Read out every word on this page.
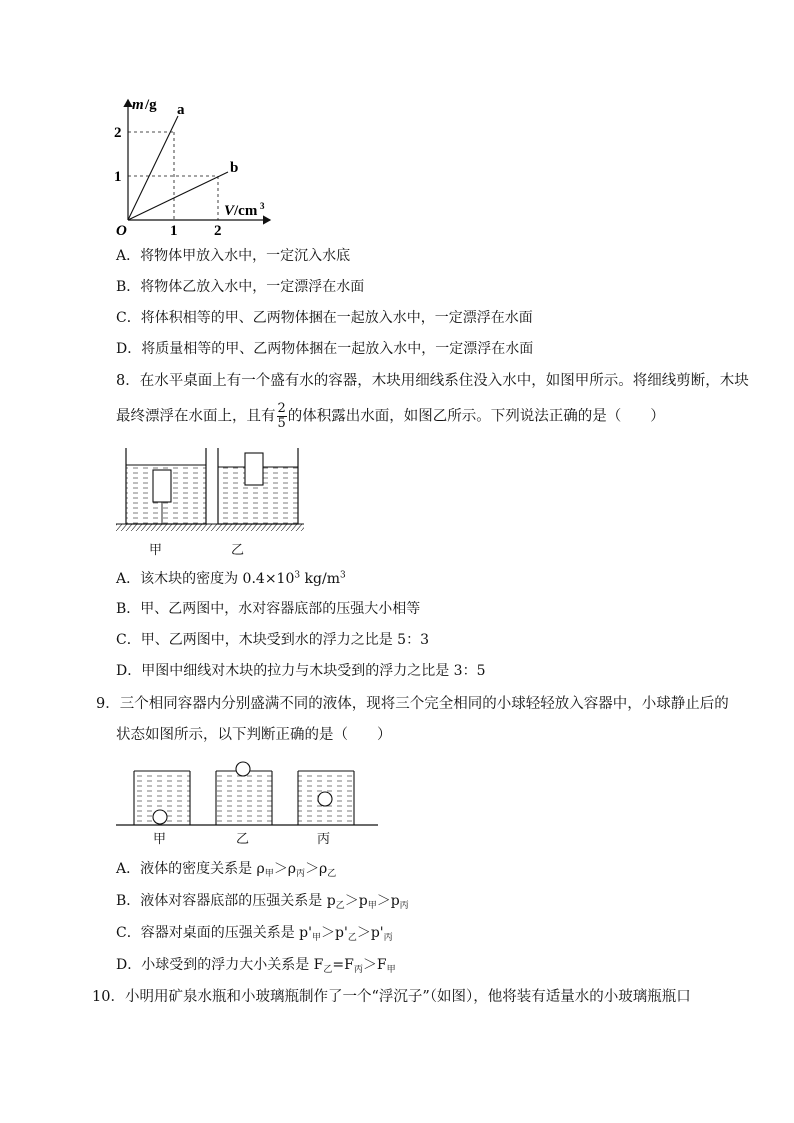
m /g a
b
2
1
O	1 2
V /cm 3
A．将物体甲放入水中，一定沉入水底
B．将物体乙放入水中，一定漂浮在水面
C．将体积相等的甲、乙两物体捆在一起放入水中，一定漂浮在水面
D．将质量相等的甲、乙两物体捆在一起放入水中，一定漂浮在水面
8．在水平桌面上有一个盛有水的容器，木块用细线系住没入水中，如图甲所示。将细线剪断，木块
最终漂浮在水面上，且有 $\frac{2}{5}$ 的体积露出水面，如图乙所示。下列说法正确的是（　　）
甲	乙
A．该木块的密度为 $0.4\times 10^3$ $kg/m^3$
B．甲、乙两图中，水对容器底部的压强大小相等
C．甲、乙两图中，木块受到水的浮力之比是 5：3
D．甲图中细线对木块的拉力与木块受到的浮力之比是 3：5
9．三个相同容器内分别盛满不同的液体，现将三个完全相同的小球轻轻放入容器中，小球静止后的
状态如图所示，以下判断正确的是（　　）
甲	乙	丙
A．液体的密度关系是 $\rho_甲>\rho_丙>\rho_乙$
B．液体对容器底部的压强关系是 $p_乙>p_甲>p_丙$
C．容器对桌面的压强关系是 $p'_甲>p'_乙>p'_丙$
D．小球受到的浮力大小关系是 $F_乙=F_丙>F_甲$
10．小明用矿泉水瓶和小玻璃瓶制作了一个“浮沉子”（如图），他将装有适量水的小玻璃瓶瓶口
